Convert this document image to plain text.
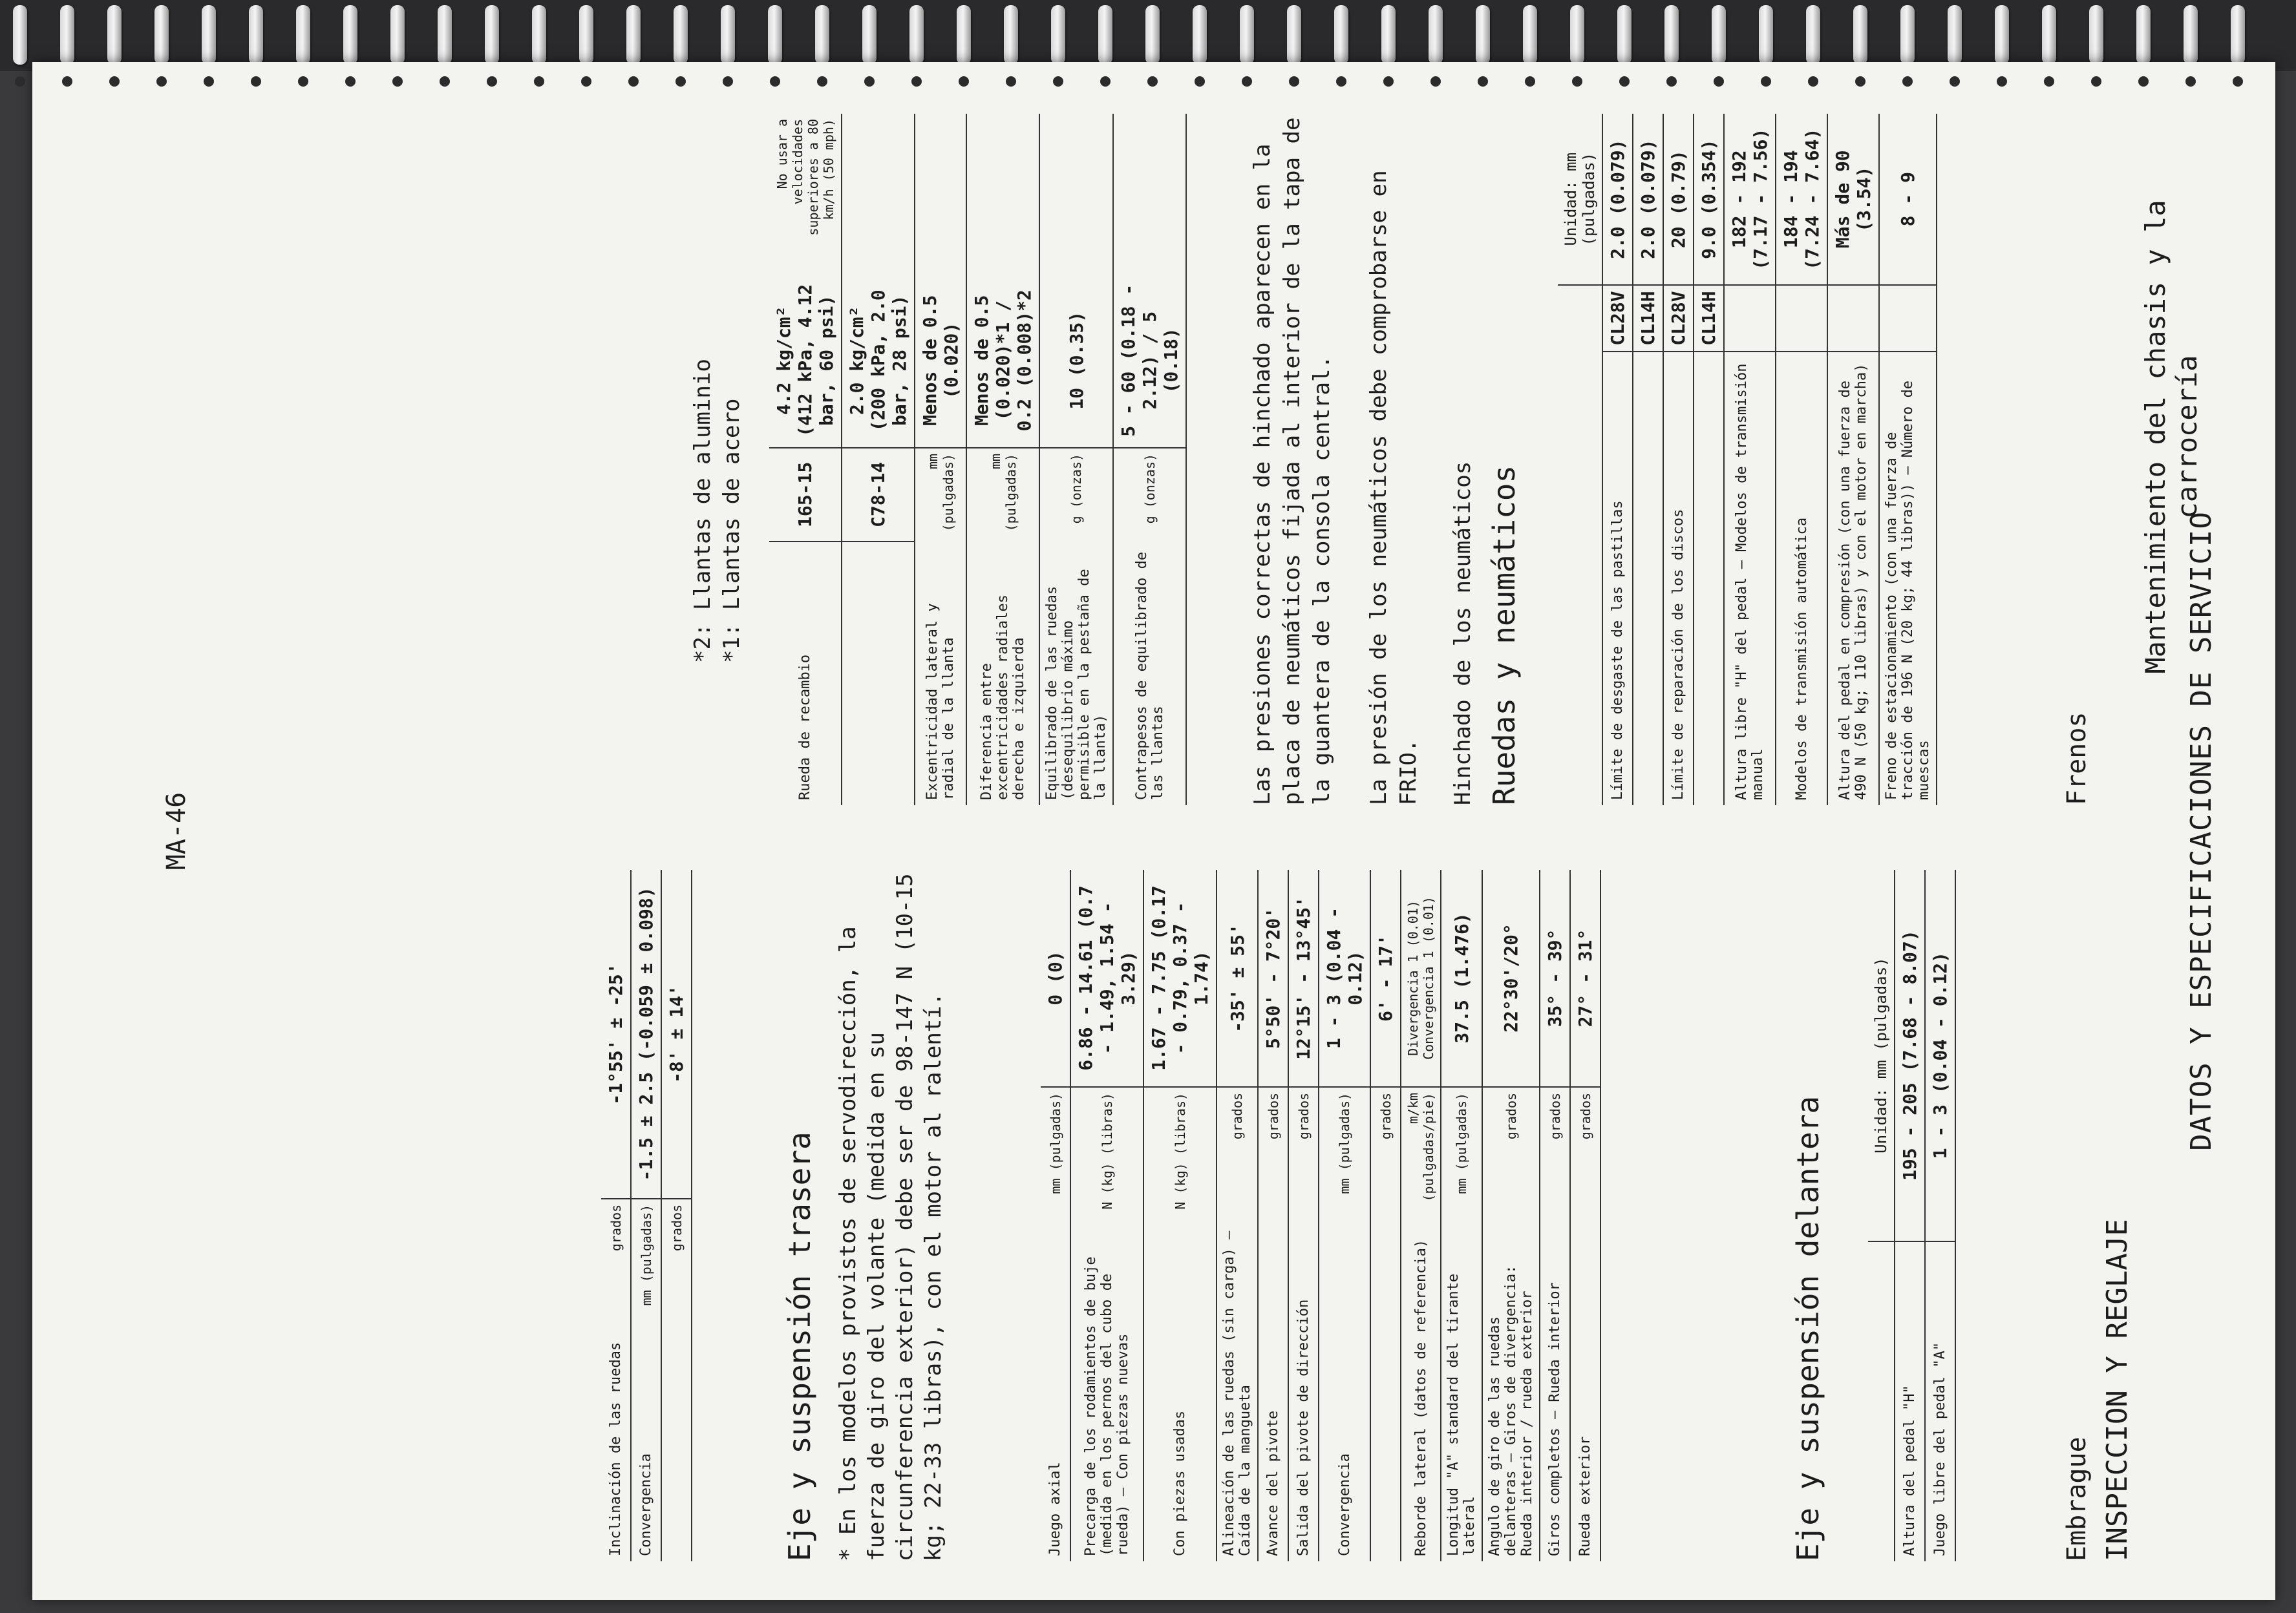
DATOS Y ESPECIFICACIONES DE SERVICIO
Mantenimiento del chasis y la carrocería
INSPECCION Y REGLAJE
Embrague
	Unidad: mm (pulgadas)
Altura del pedal "H"	195 - 205 (7.68 - 8.07)
Juego libre del pedal "A"	1 - 3 (0.04 - 0.12)
Eje y suspensión delantera
Juego axial	mm (pulgadas)	0 (0)
Precarga de los rodamientos de buje (medida en los pernos del cubo de rueda) — Con piezas nuevas	N (kg) (libras)	6.86 - 14.61 (0.7 - 1.49, 1.54 - 3.29)
Con piezas usadas	N (kg) (libras)	1.67 - 7.75 (0.17 - 0.79, 0.37 - 1.74)
Alineación de las ruedas (sin carga) — Caída de la mangueta	grados	-35' ± 55'
Avance del pivote	grados	5°50' - 7°20'
Salida del pivote de dirección	grados	12°15' - 13°45'
Convergencia	mm (pulgadas)	1 - 3 (0.04 - 0.12)
	grados	6' - 17'
Reborde lateral (datos de referencia)	m/km (pulgadas/pie)	Divergencia 1 (0.01) Convergencia 1 (0.01)
Longitud "A" standard del tirante lateral	mm (pulgadas)	37.5 (1.476)
Angulo de giro de las ruedas delanteras — Giros de divergencia: Rueda interior / rueda exterior	grados	22°30'/20°
Giros completos — Rueda interior	grados	35° - 39°
Rueda exterior	grados	27° - 31°
* En los modelos provistos de servodirección, la fuerza de giro del volante (medida en su circunferencia exterior) debe ser de 98-147 N (10-15 kg; 22-33 libras), con el motor al ralentí.
Eje y suspensión trasera
Inclinación de las ruedas	grados	-1°55' ± -25'
Convergencia	mm (pulgadas)	-1.5 ± 2.5 (-0.059 ± 0.098)
	grados	-8' ± 14'
Frenos
		Unidad: mm (pulgadas)
Límite de desgaste de las pastillas	CL28V	2.0 (0.079)
	CL14H	2.0 (0.079)
Límite de reparación de los discos	CL28V	20 (0.79)
	CL14H	9.0 (0.354)
Altura libre "H" del pedal — Modelos de transmisión manual		182 - 192 (7.17 - 7.56)
Modelos de transmisión automática		184 - 194 (7.24 - 7.64)
Altura del pedal en compresión (con una fuerza de 490 N (50 kg; 110 libras) y con el motor en marcha)		Más de 90 (3.54)
Freno de estacionamiento (con una fuerza de tracción de 196 N (20 kg; 44 libras)) — Número de muescas		8 - 9
Ruedas y neumáticos
Hinchado de los neumáticos
La presión de los neumáticos debe comprobarse en FRIO.
Las presiones correctas de hinchado aparecen en la placa de neumáticos fijada al interior de la tapa de la guantera de la consola central.
Rueda de recambio	165-15	4.2 kg/cm² (412 kPa, 4.12 bar, 60 psi)	No usar a velocidades superiores a 80 km/h (50 mph)
	C78-14	2.0 kg/cm² (200 kPa, 2.0 bar, 28 psi)	
Excentricidad lateral y radial de la llanta	mm (pulgadas)	Menos de 0.5 (0.020)	
Diferencia entre excentricidades radiales derecha e izquierda	mm (pulgadas)	Menos de 0.5 (0.020)*1 / 0.2 (0.008)*2	
Equilibrado de las ruedas (desequilibrio máximo permisible en la pestaña de la llanta)	g (onzas)	10 (0.35)	
Contrapesos de equilibrado de las llantas	g (onzas)	5 - 60 (0.18 - 2.12) / 5 (0.18)	
*1: Llantas de acero
*2: Llantas de aluminio
MA-46
